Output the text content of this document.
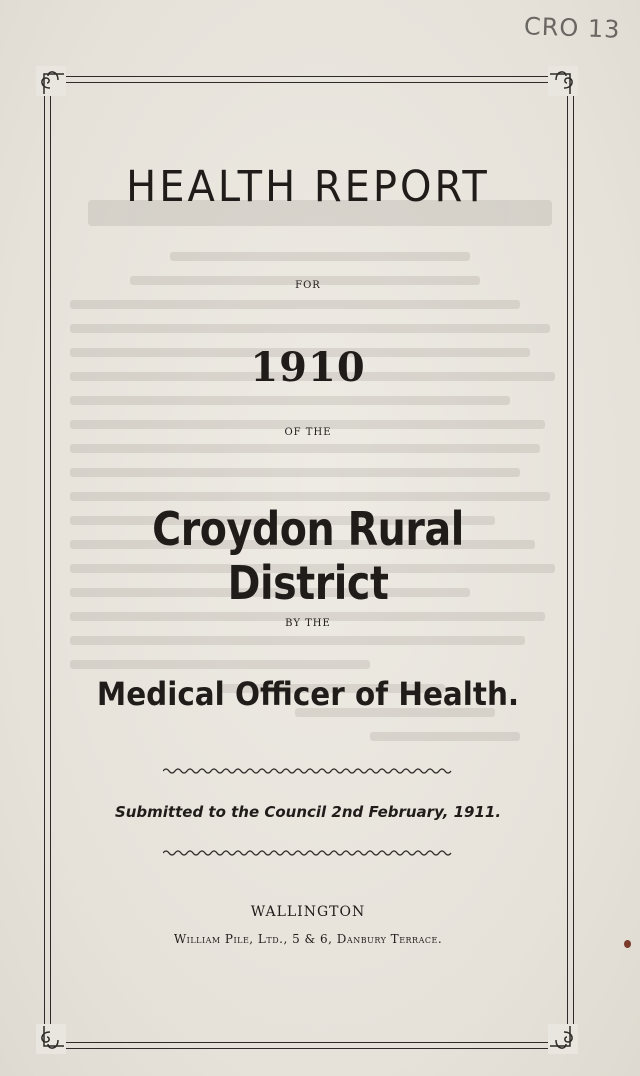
CRO 13
HEALTH REPORT
FOR
1910
OF THE
Croydon Rural District
BY THE
Medical Officer of Health.
Submitted to the Council 2nd February, 1911.
WALLINGTON
William Pile, Ltd., 5 & 6, Danbury Terrace.
